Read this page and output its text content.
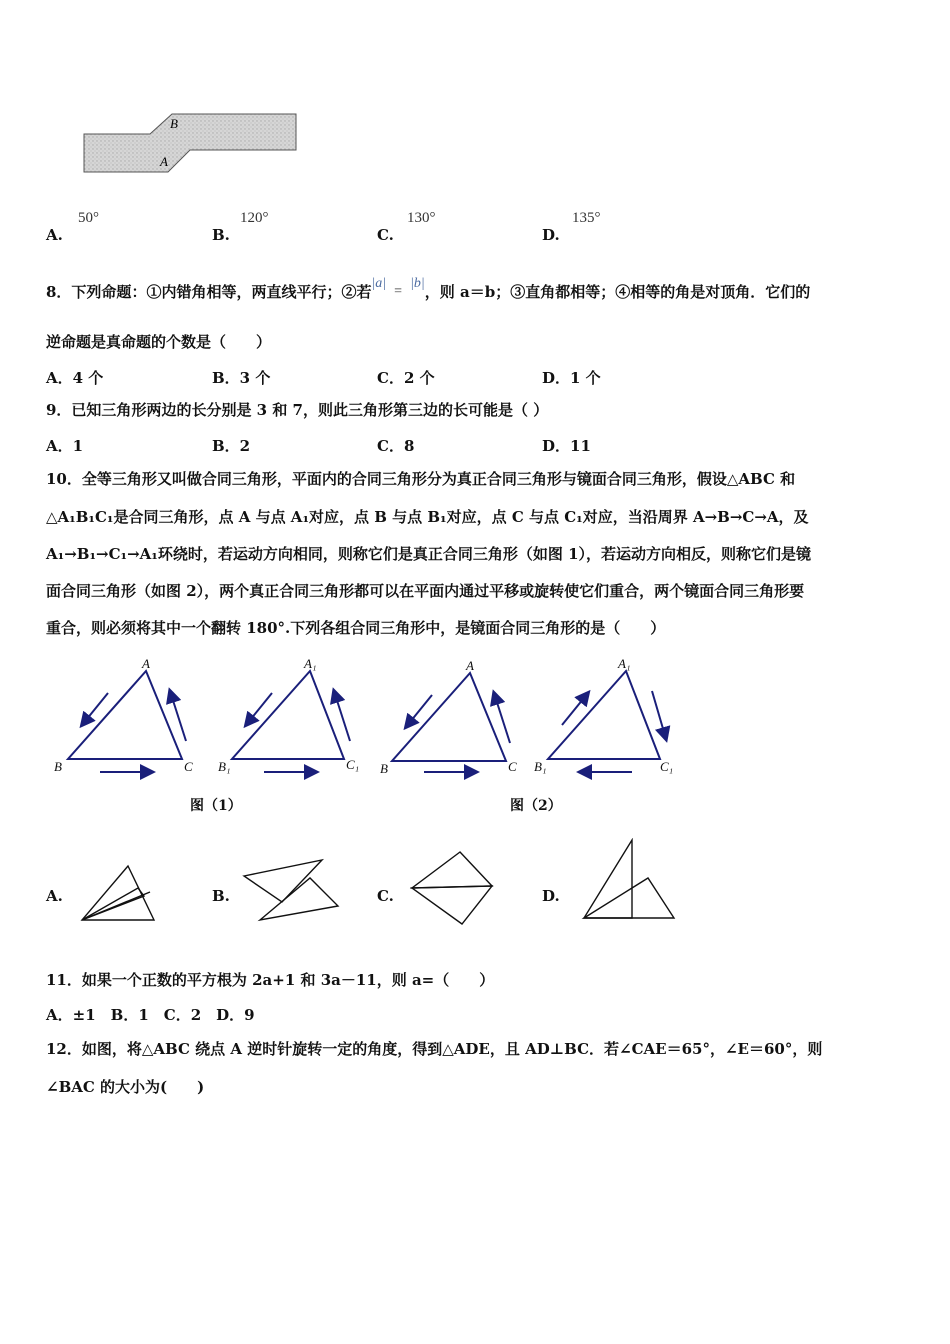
B
A
A.
50°
B.
120°
C.
130°
D.
135°
8．下列命题：①内错角相等，两直线平行；②若|a|=|b|，则 a＝b；③直角都相等；④相等的角是对顶角．它们的
逆命题是真命题的个数是（　　）
A．4 个	B．3 个	C．2 个	D．1 个
9．已知三角形两边的长分别是 3 和 7，则此三角形第三边的长可能是（ ）
A．1	B．2	C．8	D．11
10．全等三角形又叫做合同三角形，平面内的合同三角形分为真正合同三角形与镜面合同三角形，假设△ABC 和
△A₁B₁C₁是合同三角形，点 A 与点 A₁对应，点 B 与点 B₁对应，点 C 与点 C₁对应，当沿周界 A→B→C→A，及
A₁→B₁→C₁→A₁环绕时，若运动方向相同，则称它们是真正合同三角形（如图 1），若运动方向相反，则称它们是镜
面合同三角形（如图 2），两个真正合同三角形都可以在平面内通过平移或旋转使它们重合，两个镜面合同三角形要
重合，则必须将其中一个翻转 180°.下列各组合同三角形中，是镜面合同三角形的是（　　）
A
B	C
A₁
B₁	C₁
A
B	C
A₁
B₁	C₁
图（1）	图（2）
A.	B.	C.	D.
11．如果一个正数的平方根为 2a+1 和 3a－11，则 a=（　　）
A．±1　B．1　C．2　D．9
12．如图，将△ABC 绕点 A 逆时针旋转一定的角度，得到△ADE，且 AD⊥BC．若∠CAE＝65°，∠E＝60°，则
∠BAC 的大小为(　　)
